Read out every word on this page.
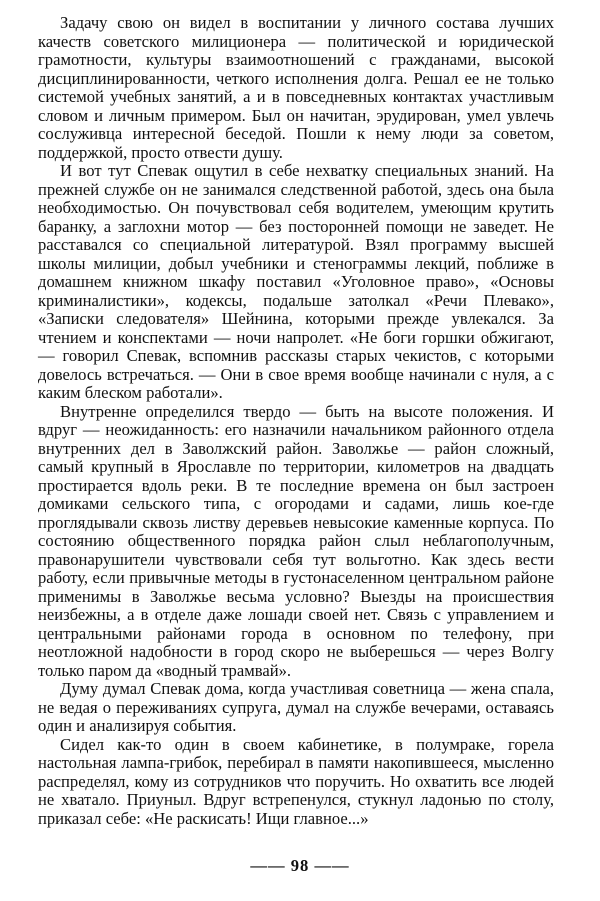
Задачу свою он видел в воспитании у личного состава лучших качеств советского милиционера — политической и юридической грамотности, культуры взаимоотношений с гражданами, высокой дисциплинированности, четкого исполнения долга. Решал ее не только системой учебных занятий, а и в повседневных контактах участливым словом и личным примером. Был он начитан, эрудирован, умел увлечь сослуживца интересной беседой. Пошли к нему люди за советом, поддержкой, просто отвести душу.

И вот тут Спевак ощутил в себе нехватку специальных знаний. На прежней службе он не занимался следственной работой, здесь она была необходимостью. Он почувствовал себя водителем, умеющим крутить баранку, а заглохни мотор — без посторонней помощи не заведет. Не расставался со специальной литературой. Взял программу высшей школы милиции, добыл учебники и стенограммы лекций, поближе в домашнем книжном шкафу поставил «Уголовное право», «Основы криминалистики», кодексы, подальше затолкал «Речи Плевако», «Записки следователя» Шейнина, которыми прежде увлекался. За чтением и конспектами — ночи напролет. «Не боги горшки обжигают, — говорил Спевак, вспомнив рассказы старых чекистов, с которыми довелось встречаться. — Они в свое время вообще начинали с нуля, а с каким блеском работали».

Внутренне определился твердо — быть на высоте положения. И вдруг — неожиданность: его назначили начальником районного отдела внутренних дел в Заволжский район. Заволжье — район сложный, самый крупный в Ярославле по территории, километров на двадцать простирается вдоль реки. В те последние времена он был застроен домиками сельского типа, с огородами и садами, лишь кое-где проглядывали сквозь листву деревьев невысокие каменные корпуса. По состоянию общественного порядка район слыл неблагополучным, правонарушители чувствовали себя тут вольготно. Как здесь вести работу, если привычные методы в густонаселенном центральном районе применимы в Заволжье весьма условно? Выезды на происшествия неизбежны, а в отделе даже лошади своей нет. Связь с управлением и центральными районами города в основном по телефону, при неотложной надобности в город скоро не выберешься — через Волгу только паром да «водный трамвай».

Думу думал Спевак дома, когда участливая советница — жена спала, не ведая о переживаниях супруга, думал на службе вечерами, оставаясь один и анализируя события.

Сидел как-то один в своем кабинетике, в полумраке, горела настольная лампа-грибок, перебирал в памяти накопившееся, мысленно распределял, кому из сотрудников что поручить. Но охватить все людей не хватало. Приуныл. Вдруг встрепенулся, стукнул ладонью по столу, приказал себе: «Не раскисать! Ищи главное...»

—— 98 ——
